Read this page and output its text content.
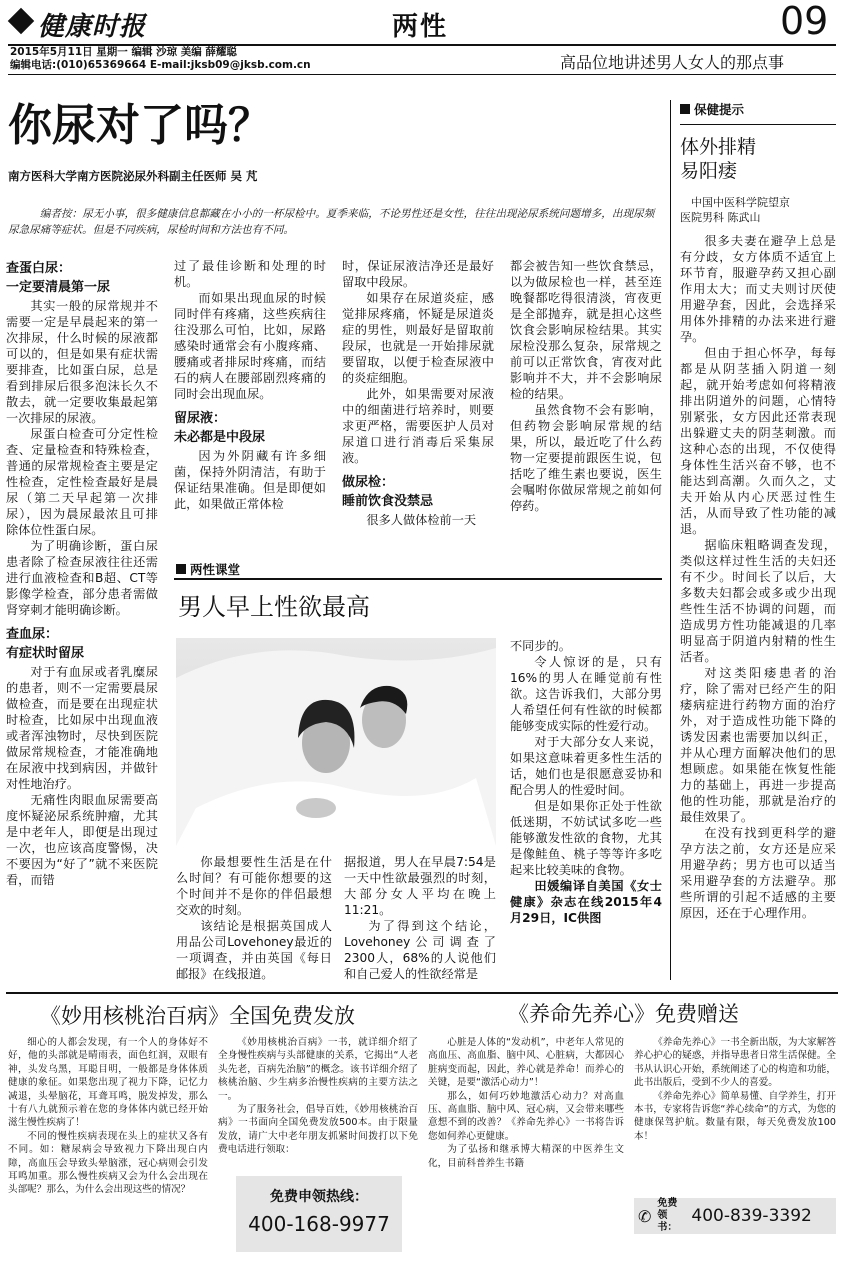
健康时报	两性	09
2015年5月11日 星期一 编辑 沙琼 美编 薛耀聪
编辑电话:(010)65369664 E-mail:jksb09@jksb.com.cn	高品位地讲述男人女人的那点事
你尿对了吗？
南方医科大学南方医院泌尿外科副主任医师 吴 芃
编者按：尿无小事，很多健康信息都藏在小小的一杯尿检中。夏季来临，不论男性还是女性，往往出现泌尿系统问题增多，出现尿频尿急尿痛等症状。但是不同疾病，尿检时间和方法也有不同。
查蛋白尿：
一定要清晨第一尿

其实一般的尿常规并不需要一定是早晨起来的第一次排尿，什么时候的尿液都可以的，但是如果有症状需要排查，比如蛋白尿，总是看到排尿后很多泡沫长久不散去，就一定要收集最起第一次排尿的尿液。

尿蛋白检查可分定性检查、定量检查和特殊检查，普通的尿常规检查主要是定性检查，定性检查最好是晨尿（第二天早起第一次排尿），因为晨尿最浓且可排除体位性蛋白尿。

为了明确诊断，蛋白尿患者除了检查尿液往往还需进行血液检查和B超、CT等影像学检查，部分患者需做肾穿刺才能明确诊断。

查血尿：
有症状时留尿

对于有血尿或者乳糜尿的患者，则不一定需要晨尿做检查，而是要在出现症状时检查，比如尿中出现血液或者浑浊物时，尽快到医院做尿常规检查，才能准确地在尿液中找到病因，并做针对性地治疗。

无痛性肉眼血尿需要高度怀疑泌尿系统肿瘤，尤其是中老年人，即便是出现过一次，也应该高度警惕，决不要因为“好了”就不来医院看，而错

过了最佳诊断和处理的时机。

而如果出现血尿的时候同时伴有疼痛，这些疾病往往没那么可怕，比如，尿路感染时通常会有小腹疼痛、腰痛或者排尿时疼痛，而结石的病人在腰部剧烈疼痛的同时会出现血尿。

留尿液：
未必都是中段尿

因为外阴藏有许多细菌，保持外阴清洁，有助于保证结果准确。但是即便如此，如果做正常体检

时，保证尿液洁净还是最好留取中段尿。

如果存在尿道炎症，感觉排尿疼痛，怀疑是尿道炎症的男性，则最好是留取前段尿，也就是一开始排尿就要留取，以便于检查尿液中的炎症细胞。

此外，如果需要对尿液中的细菌进行培养时，则要求更严格，需要医护人员对尿道口进行消毒后采集尿液。

做尿检：
睡前饮食没禁忌

很多人做体检前一天

都会被告知一些饮食禁忌，以为做尿检也一样，甚至连晚餐都吃得很清淡，宵夜更是全部抛弃，就是担心这些饮食会影响尿检结果。其实尿检没那么复杂，尿常规之前可以正常饮食，宵夜对此影响并不大，并不会影响尿检的结果。

虽然食物不会有影响，但药物会影响尿常规的结果，所以，最近吃了什么药物一定要提前跟医生说，包括吃了维生素也要说，医生会嘱咐你做尿常规之前如何停药。

保健提示
体外排精
易阳痿
中国中医科学院望京
医院男科 陈武山

很多夫妻在避孕上总是有分歧，女方体质不适宜上环节育，服避孕药又担心副作用太大；而丈夫则讨厌使用避孕套，因此，会选择采用体外排精的办法来进行避孕。

但由于担心怀孕，每每都是从阴茎插入阴道一刻起，就开始考虑如何将精液排出阴道外的问题，心情特别紧张，女方因此还常表现出躲避丈夫的阴茎刺激。而这种心态的出现，不仅使得身体性生活兴奋不够，也不能达到高潮。久而久之，丈夫开始从内心厌恶过性生活，从而导致了性功能的减退。

据临床粗略调查发现，类似这样过性生活的夫妇还有不少。时间长了以后，大多数夫妇都会或多或少出现些性生活不协调的问题，而造成男方性功能减退的几率明显高于阴道内射精的性生活者。

对这类阳痿患者的治疗，除了需对已经产生的阳痿病症进行药物方面的治疗外，对于造成性功能下降的诱发因素也需要加以纠正，并从心理方面解决他们的思想顾虑。如果能在恢复性能力的基础上，再进一步提高他的性功能，那就是治疗的最佳效果了。

在没有找到更科学的避孕方法之前，女方还是应采用避孕药；男方也可以适当采用避孕套的方法避孕。那些所谓的引起不适感的主要原因，还在于心理作用。

两性课堂
男人早上性欲最高

你最想要性生活是在什么时间？有可能你想要的这个时间并不是你的伴侣最想交欢的时刻。

该结论是根据英国成人用品公司Lovehoney最近的一项调查，并由英国《每日邮报》在线报道。

据报道，男人在早晨7:54是一天中性欲最强烈的时刻，大部分女人平均在晚上11:21。

为了得到这个结论，Lovehoney公司调查了2300人，68%的人说他们和自己爱人的性欲经常是

不同步的。

令人惊讶的是，只有16%的男人在睡觉前有性欲。这告诉我们，大部分男人希望任何有性欲的时候都能够变成实际的性爱行动。

对于大部分女人来说，如果这意味着更多性生活的话，她们也是很愿意妥协和配合男人的性爱时间。

但是如果你正处于性欲低迷期，不妨试试多吃一些能够激发性欲的食物，尤其是像鲑鱼、桃子等等许多吃起来比较美味的食物。

田媛编译自美国《女士健康》杂志在线2015年4月29日，IC供图

《妙用核桃治百病》全国免费发放	《养命先养心》免费赠送

细心的人都会发现，有一个人的身体好不好，他的头部就是晴雨表，面色红润，双眼有神，头发乌黑，耳聪目明，一般都是身体体质健康的象征。如果您出现了视力下降，记忆力减退，头晕脑花，耳聋耳鸣，脱发掉发，那么十有八九就预示着在您的身体体内就已经开始滋生慢性疾病了！

不同的慢性疾病表现在头上的症状又各有不同。如：糖尿病会导致视力下降出现白内障，高血压会导致头晕脑涨，冠心病则会引发耳鸣加重。那么慢性疾病又会为什么会出现在头部呢？那么，为什么会出现这些的情况？

《妙用核桃治百病》一书，就详细介绍了全身慢性疾病与头部健康的关系，它揭出“人老头先老，百病先治脑”的概念。该书详细介绍了核桃治脑、少生病多治慢性疾病的主要方法之一。

为了服务社会，倡导百姓，《妙用核桃治百病》一书面向全国免费发放500本。由于限量发放，请广大中老年朋友抓紧时间拨打以下免费电话进行领取：

免费申领热线：
400-168-9977

心脏是人体的“发动机”，中老年人常见的高血压、高血脂、脑中风、心脏病，大都因心脏病变而起，因此，养心就是养命！而养心的关键，是要“激活心动力”！

那么，如何巧妙地激活心动力？对高血压、高血脂、脑中风、冠心病，又会带来哪些意想不到的改善？《养命先养心》一书将告诉您如何养心更健康。

为了弘扬和继承博大精深的中医养生文化，目前科普养生书籍

《养命先养心》一书全新出版，为大家解答养心护心的疑惑，并指导患者日常生活保健。全书从认识心开始，系统阐述了心的构造和功能，此书出版后，受到不少人的喜爱。

《养命先养心》简单易懂、自学养生，打开本书，专家将告诉您“养心续命”的方式，为您的健康保驾护航。数量有限，每天免费发放100本！

✆
免费领书：
400-839-3392
